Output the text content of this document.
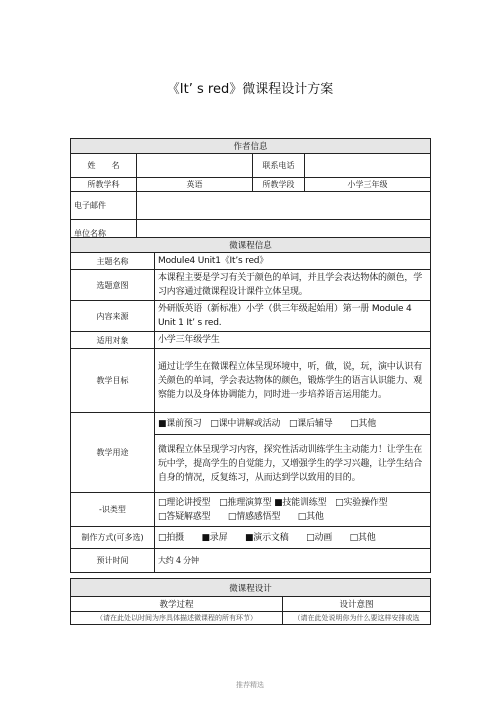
《It’ s red》微课程设计方案
作者信息			
姓　　名		联系电话	
所教学科	英语	所教学段	小学三年级
电子邮件			
单位名称			
微课程信息	
主题名称	Module4 Unit1《It’s red》
选题意图	本课程主要是学习有关于颜色的单词，并且学会表达物体的颜色，学习内容通过微课程设计课件立体呈现。
内容来源	外研版英语（新标准）小学（供三年级起始用）第一册 Module 4　Unit 1 It’ s red.
适用对象	小学三年级学生
教学目标	通过让学生在微课程立体呈现环境中，听，做，说，玩，演中认识有关颜色的单词，学会表达物体的颜色，锻炼学生的语言认识能力、观察能力以及身体协调能力，同时进一步培养语言运用能力。
教学用途	■课前预习　□课中讲解或活动　□课后辅导　　□其他
	微课程立体呈现学习内容，探究性活动训练学生主动能力！让学生在玩中学，提高学生的自觉能力，又增强学生的学习兴趣，让学生结合自身的情况，反复练习，从而达到学以致用的目的。
-识类型	□理论讲授型　□推理演算型 ■技能训练型　□实验操作型
□答疑解惑型　　□情感感悟型　　□其他

制作方式(可多选)	□拍摄　　■录屏　　■演示文稿　　□动画　　□其他
预计时间	大约 4 分钟
微课程设计	
教学过程	设计意图
（请在此处以时间为序具体描述微课程的所有环节）	（请在此处说明你为什么要这样安排或选
推荐精选
